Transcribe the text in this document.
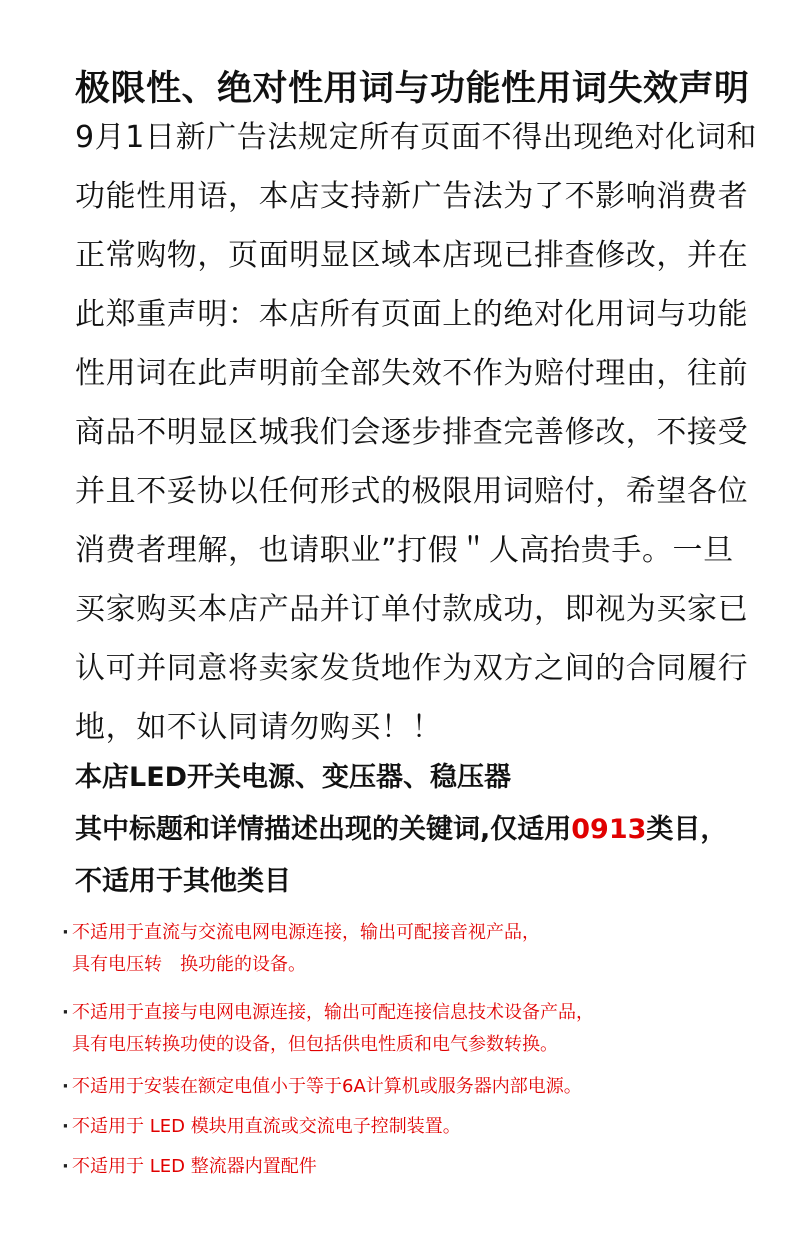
极限性、绝对性用词与功能性用词失效声明
9月1日新广告法规定所有页面不得出现绝对化词和
功能性用语，本店支持新广告法为了不影响消费者
正常购物，页面明显区域本店现已排查修改，并在
此郑重声明：本店所有页面上的绝对化用词与功能
性用词在此声明前全部失效不作为赔付理由，往前
商品不明显区城我们会逐步排查完善修改，不接受
并且不妥协以任何形式的极限用词赔付，希望各位
消费者理解，也请职业”打假＂人高抬贵手。一旦
买家购买本店产品并订单付款成功，即视为买家已
认可并同意将卖家发货地作为双方之间的合同履行
地，如不认同请勿购买！！
本店LED开关电源、变压器、稳压器
其中标题和详情描述出现的关键词,仅适用0913类目，
不适用于其他类目
· 不适用于直流与交流电网电源连接，输出可配接音视产品，
具有电压转　换功能的设备。
· 不适用于直接与电网电源连接，输出可配连接信息技术设备产品，
具有电压转换功使的设备，但包括供电性质和电气参数转换。
· 不适用于安装在额定电值小于等于6A计算机或服务器内部电源。
· 不适用于 LED 模块用直流或交流电子控制装置。
· 不适用于 LED 整流器内置配件
